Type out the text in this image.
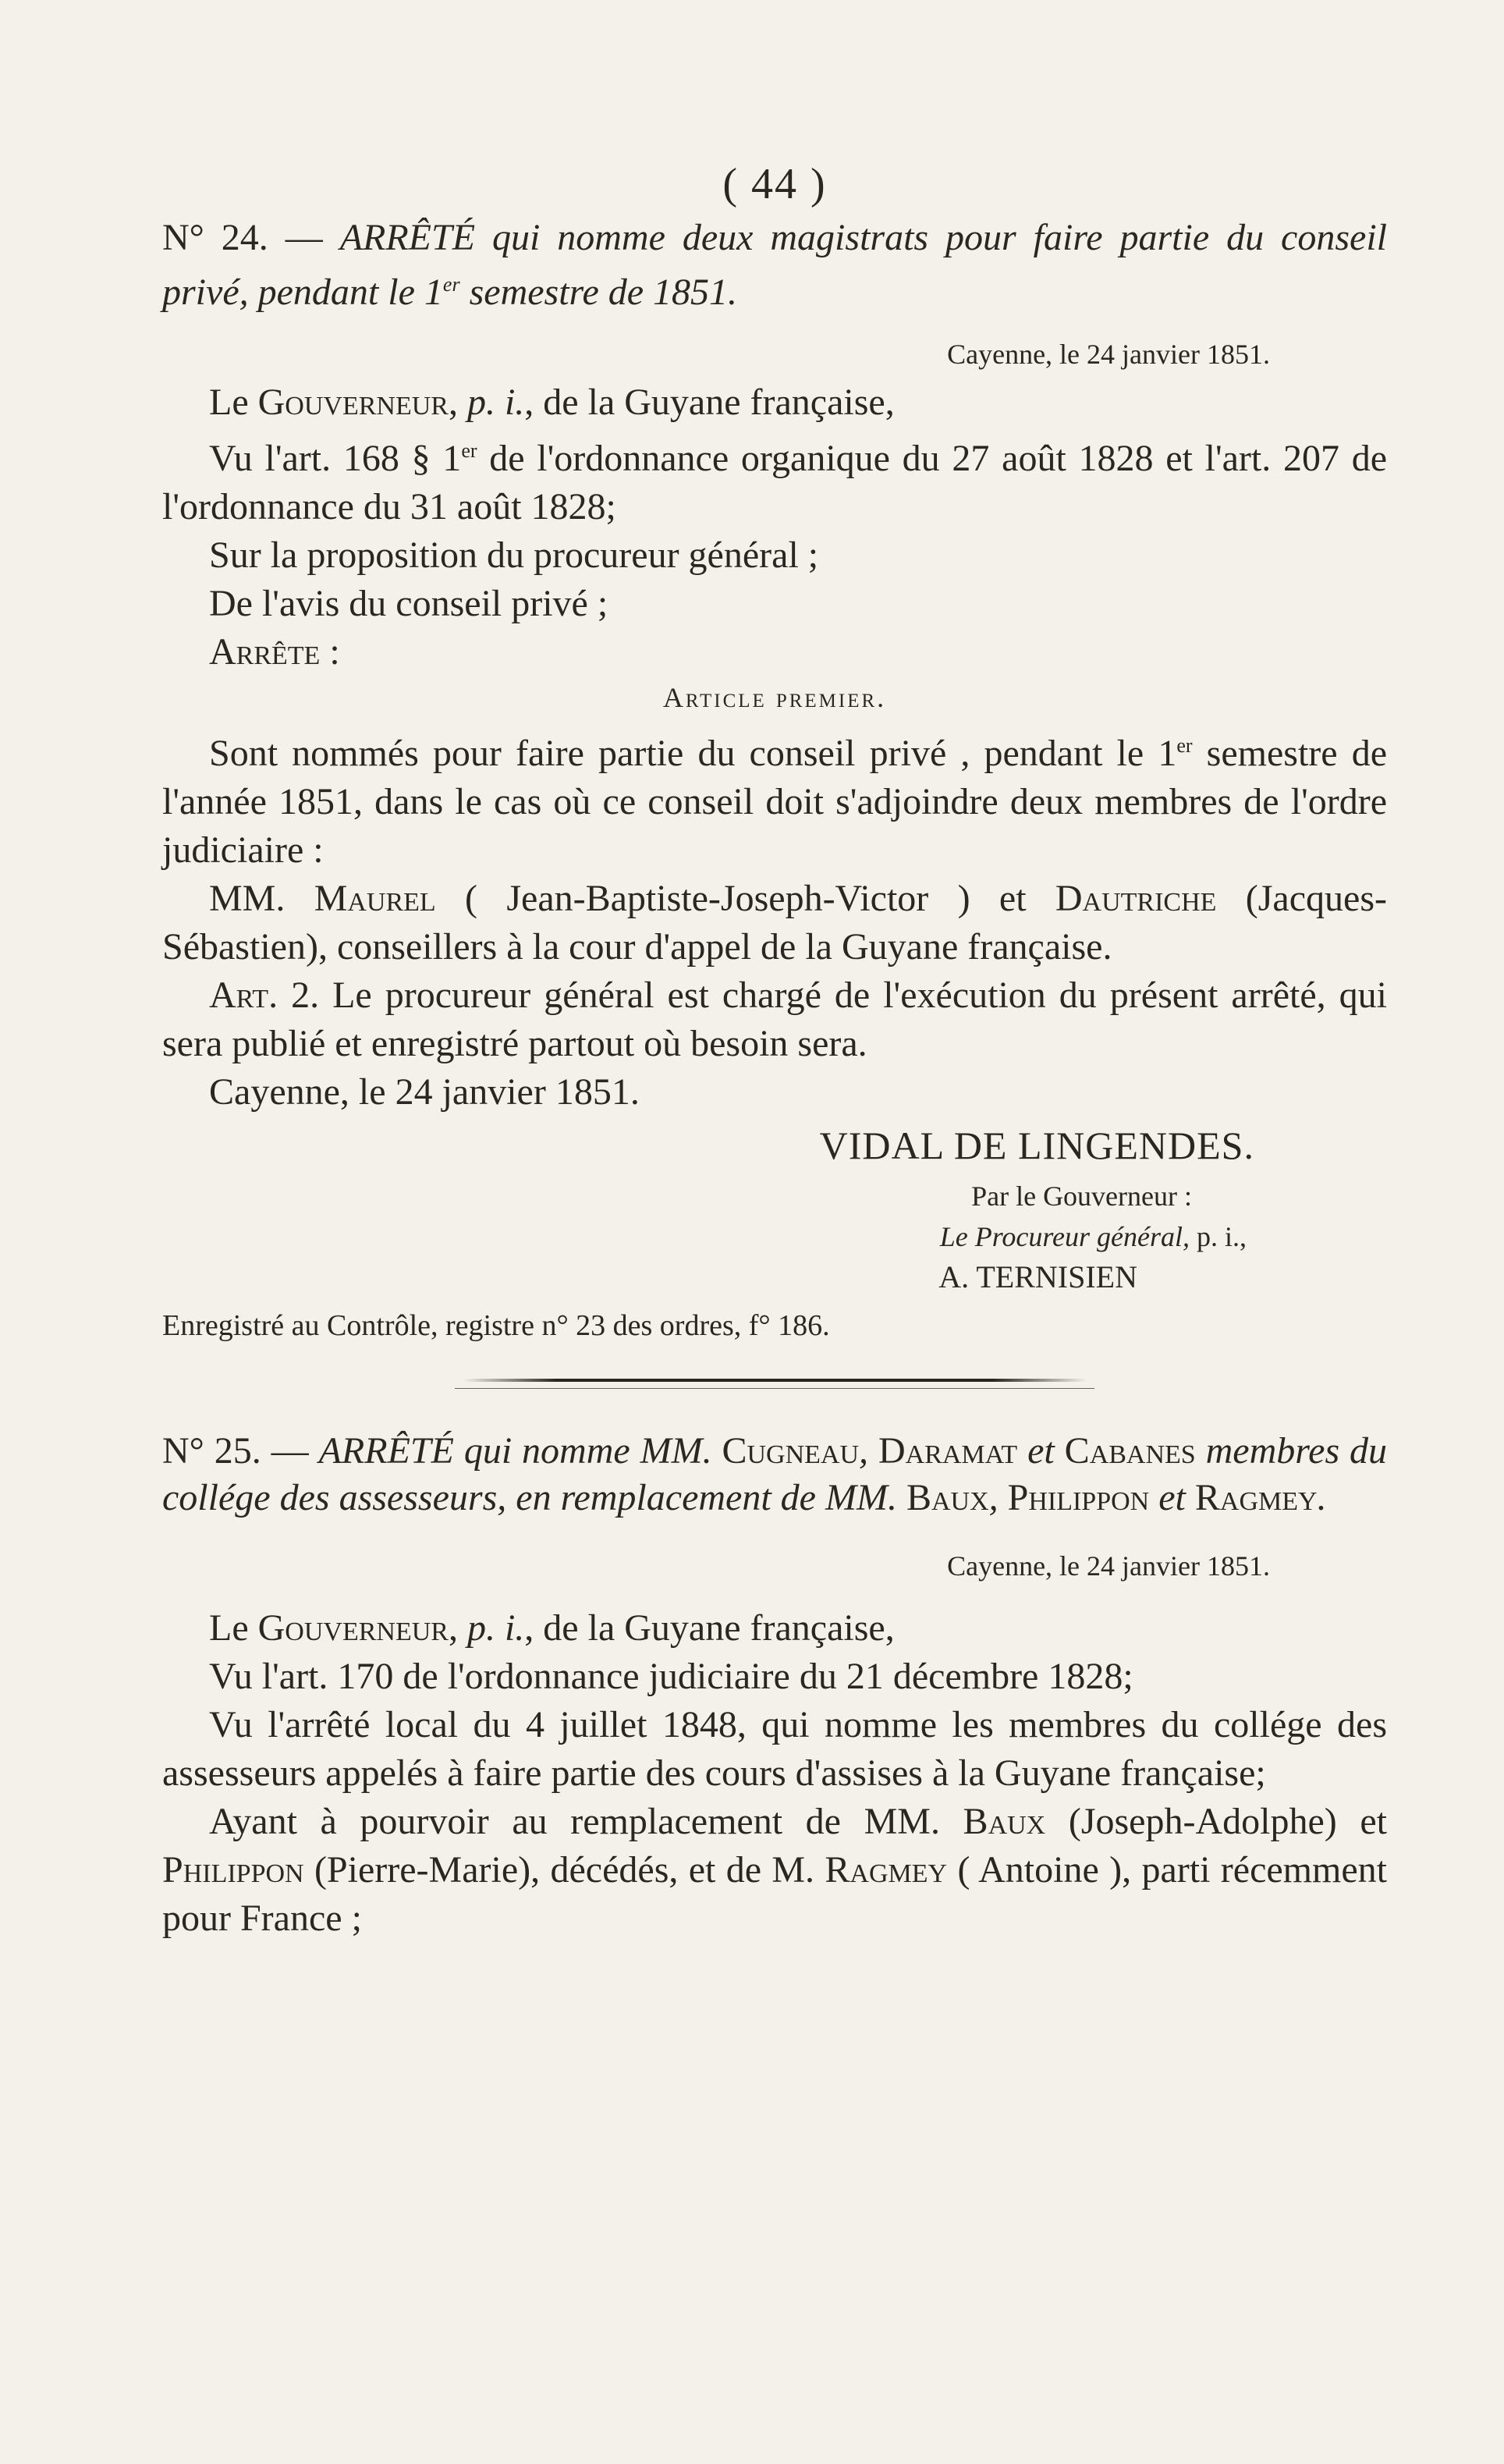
( 44 )
N° 24. — ARRÊTÉ qui nomme deux magistrats pour faire partie du conseil privé, pendant le 1er semestre de 1851.
Cayenne, le 24 janvier 1851.

Le Gouverneur, p. i., de la Guyane française,

Vu l'art. 168 § 1er de l'ordonnance organique du 27 août 1828 et l'art. 207 de l'ordonnance du 31 août 1828;

Sur la proposition du procureur général ;

De l'avis du conseil privé ;

Arrête :

Article premier.

Sont nommés pour faire partie du conseil privé , pendant le 1er semestre de l'année 1851, dans le cas où ce conseil doit s'adjoindre deux membres de l'ordre judiciaire :

MM. Maurel ( Jean-Baptiste-Joseph-Victor ) et Dautriche (Jacques-Sébastien), conseillers à la cour d'appel de la Guyane française.

Art. 2. Le procureur général est chargé de l'exécution du présent arrêté, qui sera publié et enregistré partout où besoin sera.

Cayenne, le 24 janvier 1851.

VIDAL DE LINGENDES.
Par le Gouverneur :
Le Procureur général, p. i.,
A. TERNISIEN
Enregistré au Contrôle, registre n° 23 des ordres, f° 186.
N° 25. — ARRÊTÉ qui nomme MM. Cugneau, Daramat et Cabanes membres du collége des assesseurs, en remplacement de MM. Baux, Philippon et Ragmey.
Cayenne, le 24 janvier 1851.

Le Gouverneur, p. i., de la Guyane française,

Vu l'art. 170 de l'ordonnance judiciaire du 21 décembre 1828;

Vu l'arrêté local du 4 juillet 1848, qui nomme les membres du collége des assesseurs appelés à faire partie des cours d'assises à la Guyane française;

Ayant à pourvoir au remplacement de MM. Baux (Joseph-Adolphe) et Philippon (Pierre-Marie), décédés, et de M. Ragmey ( Antoine ), parti récemment pour France ;
